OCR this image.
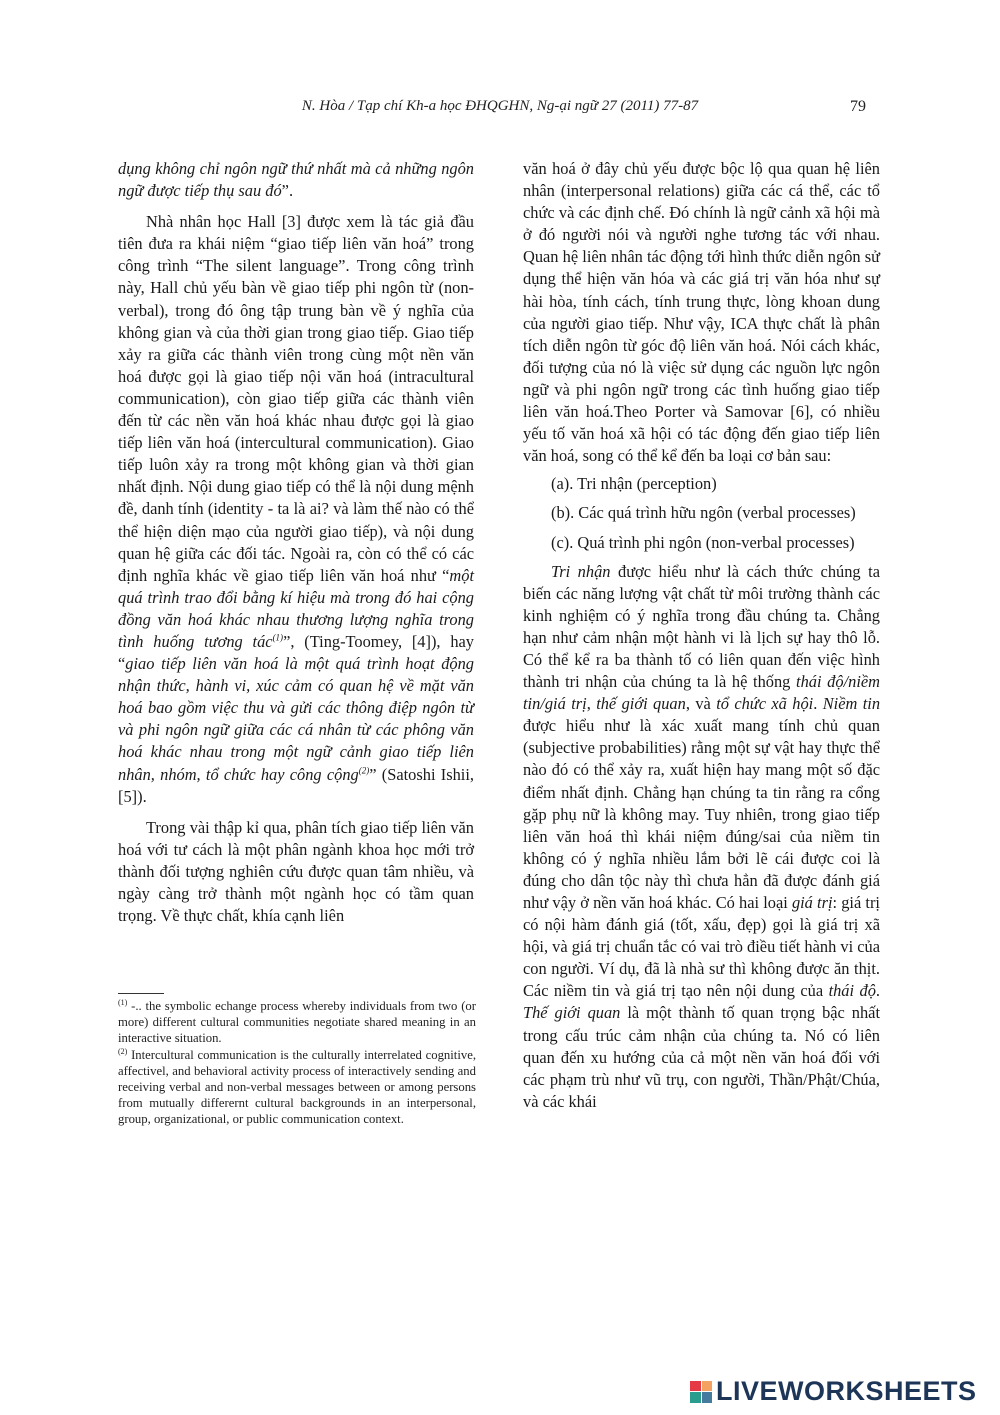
N. Hòa / Tạp chí Kh-a học ĐHQGHN, Ng-ại ngữ 27 (2011) 77-87	79

dụng không chỉ ngôn ngữ thứ nhất mà cả những ngôn ngữ được tiếp thụ sau đó”.

Nhà nhân học Hall [3] được xem là tác giả đầu tiên đưa ra khái niệm “giao tiếp liên văn hoá” trong công trình “The silent language”. Trong công trình này, Hall chủ yếu bàn về giao tiếp phi ngôn từ (non-verbal), trong đó ông tập trung bàn về ý nghĩa của không gian và của thời gian trong giao tiếp. Giao tiếp xảy ra giữa các thành viên trong cùng một nền văn hoá được gọi là giao tiếp nội văn hoá (intracultural communication), còn giao tiếp giữa các thành viên đến từ các nền văn hoá khác nhau được gọi là giao tiếp liên văn hoá (intercultural communication). Giao tiếp luôn xảy ra trong một không gian và thời gian nhất định. Nội dung giao tiếp có thể là nội dung mệnh đề, danh tính (identity - ta là ai? và làm thế nào có thể thể hiện diện mạo của người giao tiếp), và nội dung quan hệ giữa các đối tác. Ngoài ra, còn có thể có các định nghĩa khác về giao tiếp liên văn hoá như “một quá trình trao đổi bằng kí hiệu mà trong đó hai cộng đồng văn hoá khác nhau thương lượng nghĩa trong tình huống tương tác$^{(1)}$”, (Ting-Toomey, [4]), hay “giao tiếp liên văn hoá là một quá trình hoạt động nhận thức, hành vi, xúc cảm có quan hệ về mặt văn hoá bao gồm việc thu và gửi các thông điệp ngôn từ và phi ngôn ngữ giữa các cá nhân từ các phông văn hoá khác nhau trong một ngữ cảnh giao tiếp liên nhân, nhóm, tổ chức hay công cộng$^{(2)}$” (Satoshi Ishii, [5]).

Trong vài thập kỉ qua, phân tích giao tiếp liên văn hoá với tư cách là một phân ngành khoa học mới trở thành đối tượng nghiên cứu được quan tâm nhiều, và ngày càng trở thành một ngành học có tầm quan trọng. Về thực chất, khía cạnh liên

$^{(1)}$ -.. the symbolic echange process whereby individuals from two (or more) different cultural communities negotiate shared meaning in an interactive situation.

$^{(2)}$ Intercultural communication is the culturally interrelated cognitive, affectivel, and behavioral activity process of interactively sending and receiving verbal and non-verbal messages between or among persons from mutually differernt cultural backgrounds in an interpersonal, group, organizational, or public communication context.

văn hoá ở đây chủ yếu được bộc lộ qua quan hệ liên nhân (interpersonal relations) giữa các cá thể, các tổ chức và các định chế. Đó chính là ngữ cảnh xã hội mà ở đó người nói và người nghe tương tác với nhau. Quan hệ liên nhân tác động tới hình thức diễn ngôn sử dụng thể hiện văn hóa và các giá trị văn hóa như sự hài hòa, tính cách, tính trung thực, lòng khoan dung của người giao tiếp. Như vậy, ICA thực chất là phân tích diễn ngôn từ góc độ liên văn hoá. Nói cách khác, đối tượng của nó là việc sử dụng các nguồn lực ngôn ngữ và phi ngôn ngữ trong các tình huống giao tiếp liên văn hoá.Theo Porter và Samovar [6], có nhiều yếu tố văn hoá xã hội có tác động đến giao tiếp liên văn hoá, song có thể kể đến ba loại cơ bản sau:

(a). Tri nhận (perception)

(b). Các quá trình hữu ngôn (verbal processes)

(c). Quá trình phi ngôn (non-verbal processes)

Tri nhận được hiểu như là cách thức chúng ta biến các năng lượng vật chất từ môi trường thành các kinh nghiệm có ý nghĩa trong đầu chúng ta. Chẳng hạn như cảm nhận một hành vi là lịch sự hay thô lỗ. Có thể kể ra ba thành tố có liên quan đến việc hình thành tri nhận của chúng ta là hệ thống thái độ/niềm tin/giá trị, thế giới quan, và tổ chức xã hội. Niềm tin được hiểu như là xác xuất mang tính chủ quan (subjective probabilities) rằng một sự vật hay thực thể nào đó có thể xảy ra, xuất hiện hay mang một số đặc điểm nhất định. Chẳng hạn chúng ta tin rằng ra cổng gặp phụ nữ là không may. Tuy nhiên, trong giao tiếp liên văn hoá thì khái niệm đúng/sai của niềm tin không có ý nghĩa nhiều lắm bởi lẽ cái được coi là đúng cho dân tộc này thì chưa hẳn đã được đánh giá như vậy ở nền văn hoá khác. Có hai loại giá trị: giá trị có nội hàm đánh giá (tốt, xấu, đẹp) gọi là giá trị xã hội, và giá trị chuẩn tắc có vai trò điều tiết hành vi của con người. Ví dụ, đã là nhà sư thì không được ăn thịt. Các niềm tin và giá trị tạo nên nội dung của thái độ. Thế giới quan là một thành tố quan trọng bậc nhất trong cấu trúc cảm nhận của chúng ta. Nó có liên quan đến xu hướng của cả một nền văn hoá đối với các phạm trù như vũ trụ, con người, Thần/Phật/Chúa, và các khái

LIVEWORKSHEETS
